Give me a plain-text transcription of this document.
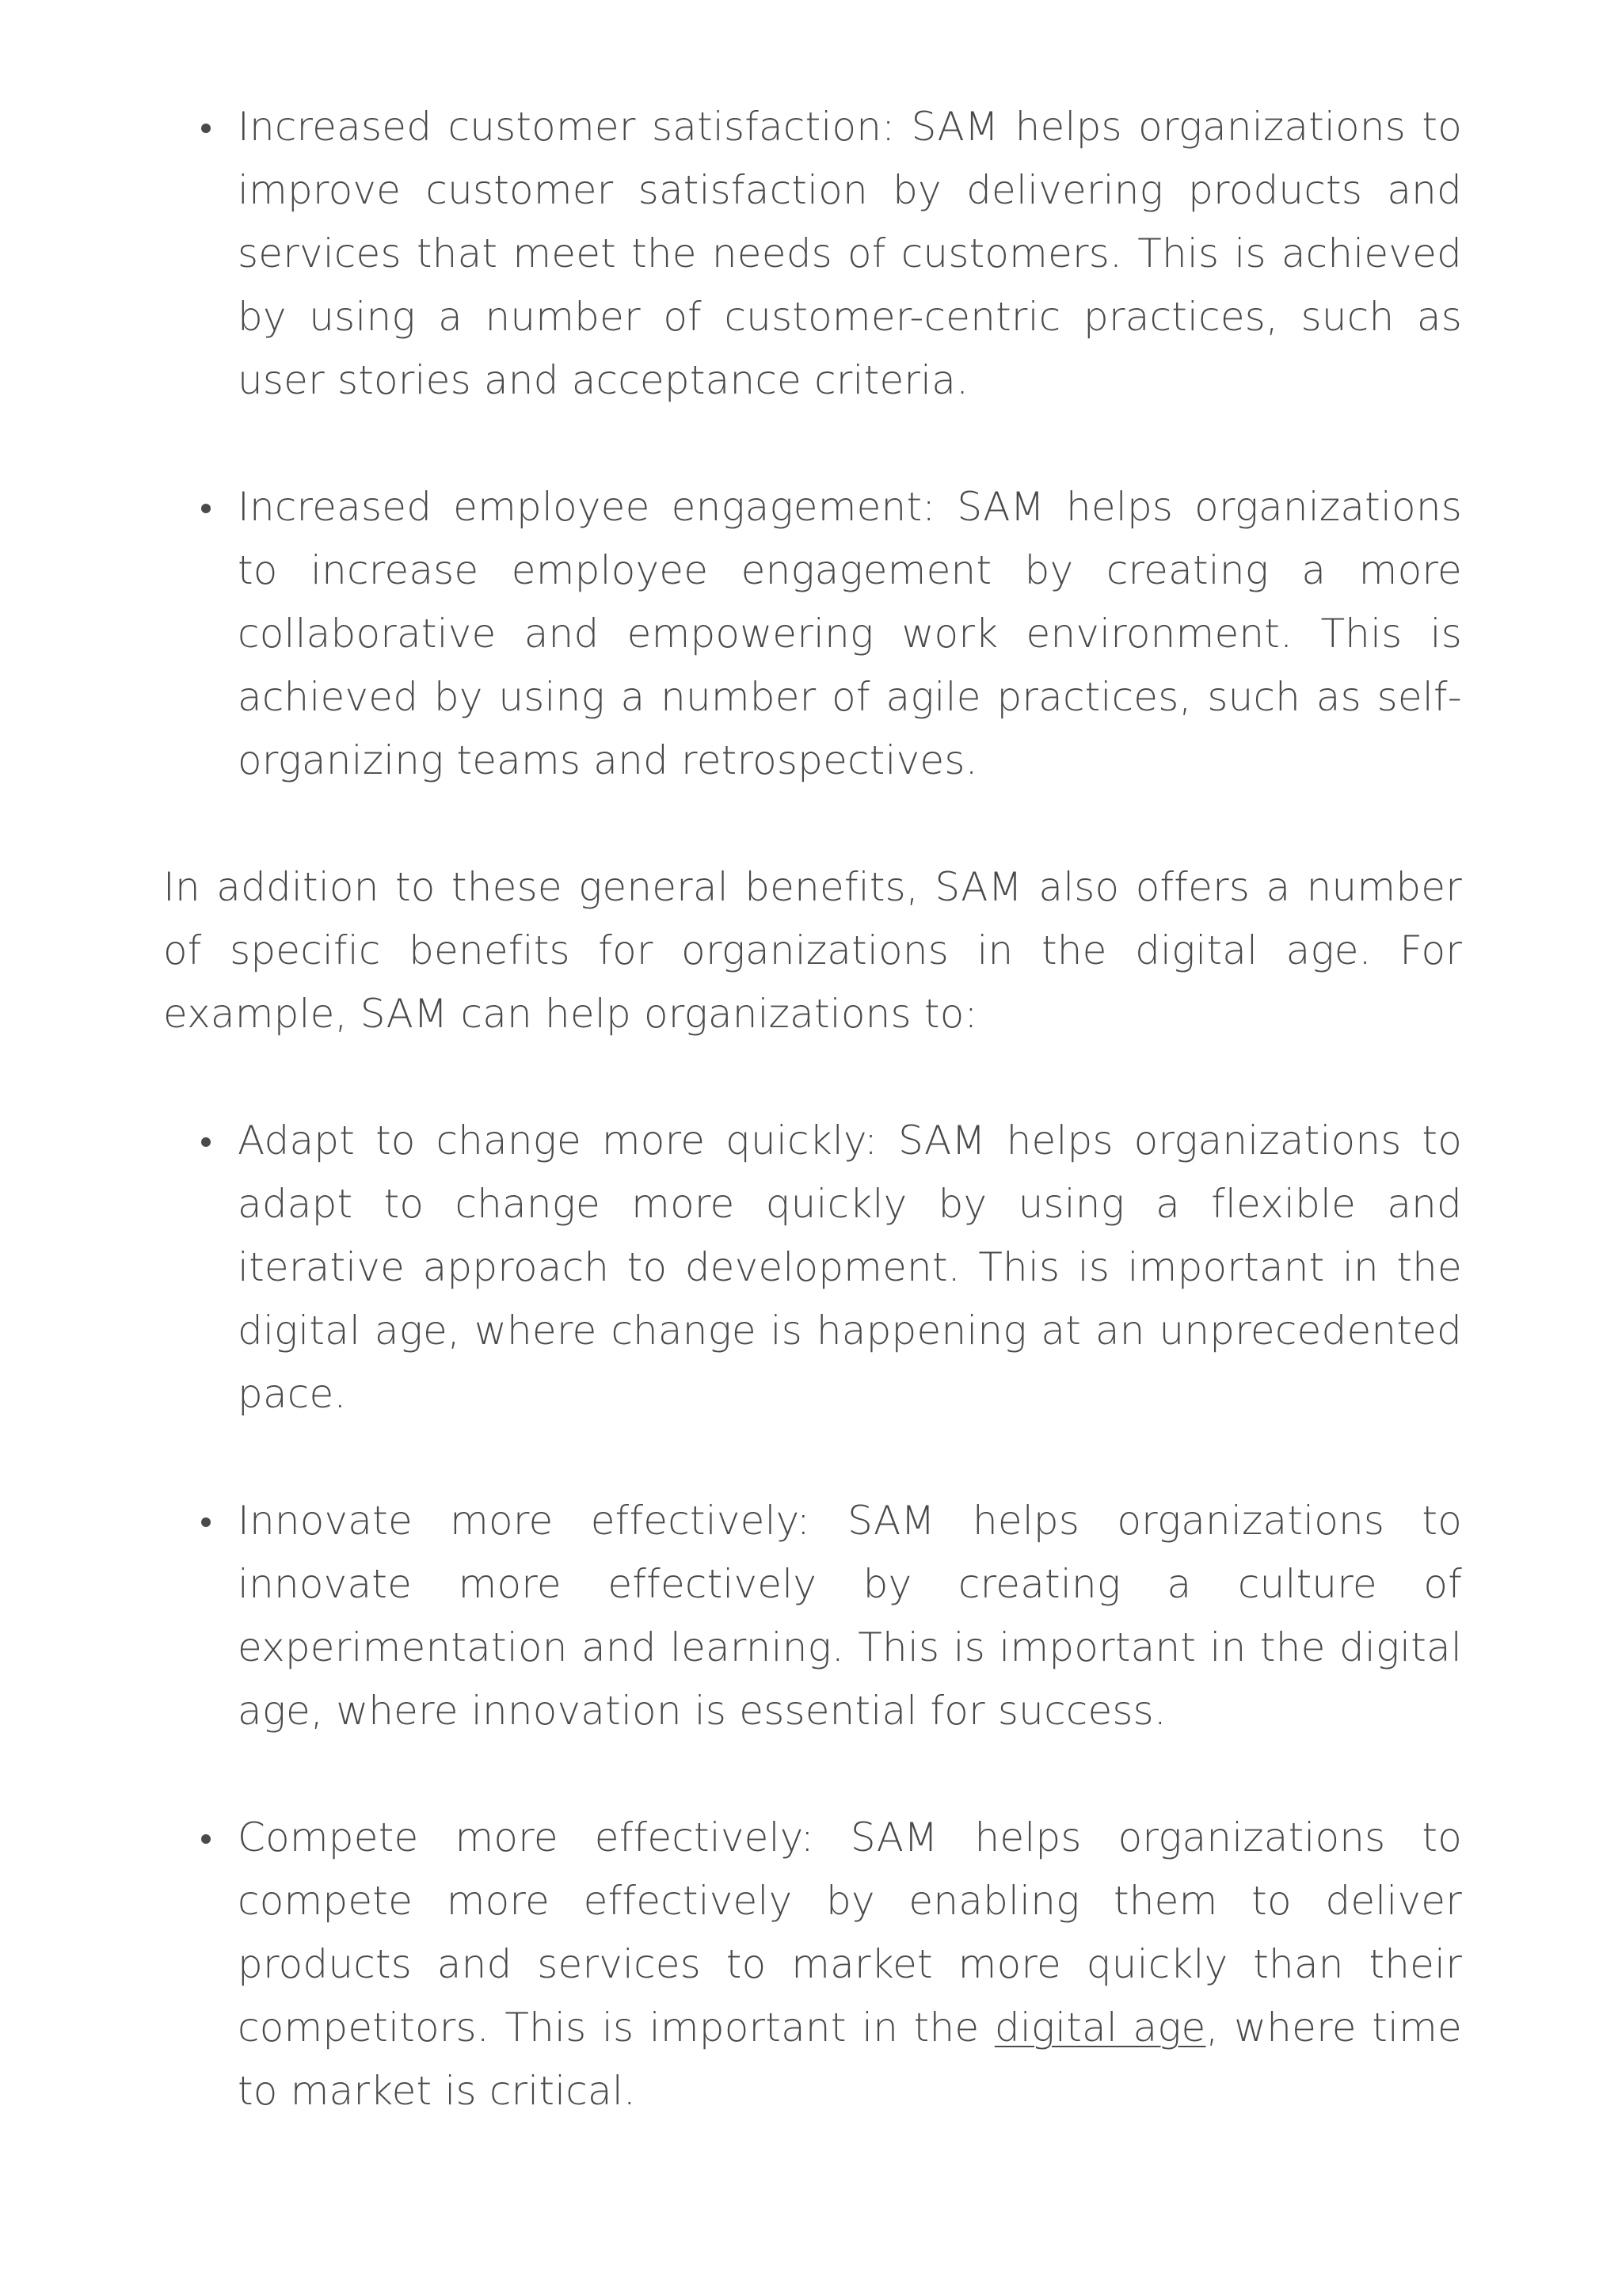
Increased customer satisfaction: SAM helps organizations to improve customer satisfaction by delivering products and services that meet the needs of customers. This is achieved by using a number of customer-centric practices, such as user stories and acceptance criteria.
Increased employee engagement: SAM helps organizations to increase employee engagement by creating a more collaborative and empowering work environment. This is achieved by using a number of agile practices, such as self-organizing teams and retrospectives.

In addition to these general benefits, SAM also offers a number of specific benefits for organizations in the digital age. For example, SAM can help organizations to:

Adapt to change more quickly: SAM helps organizations to adapt to change more quickly by using a flexible and iterative approach to development. This is important in the digital age, where change is happening at an unprecedented pace.
Innovate more effectively: SAM helps organizations to innovate more effectively by creating a culture of experimentation and learning. This is important in the digital age, where innovation is essential for success.
Compete more effectively: SAM helps organizations to compete more effectively by enabling them to deliver products and services to market more quickly than their competitors. This is important in the digital age, where time to market is critical.
